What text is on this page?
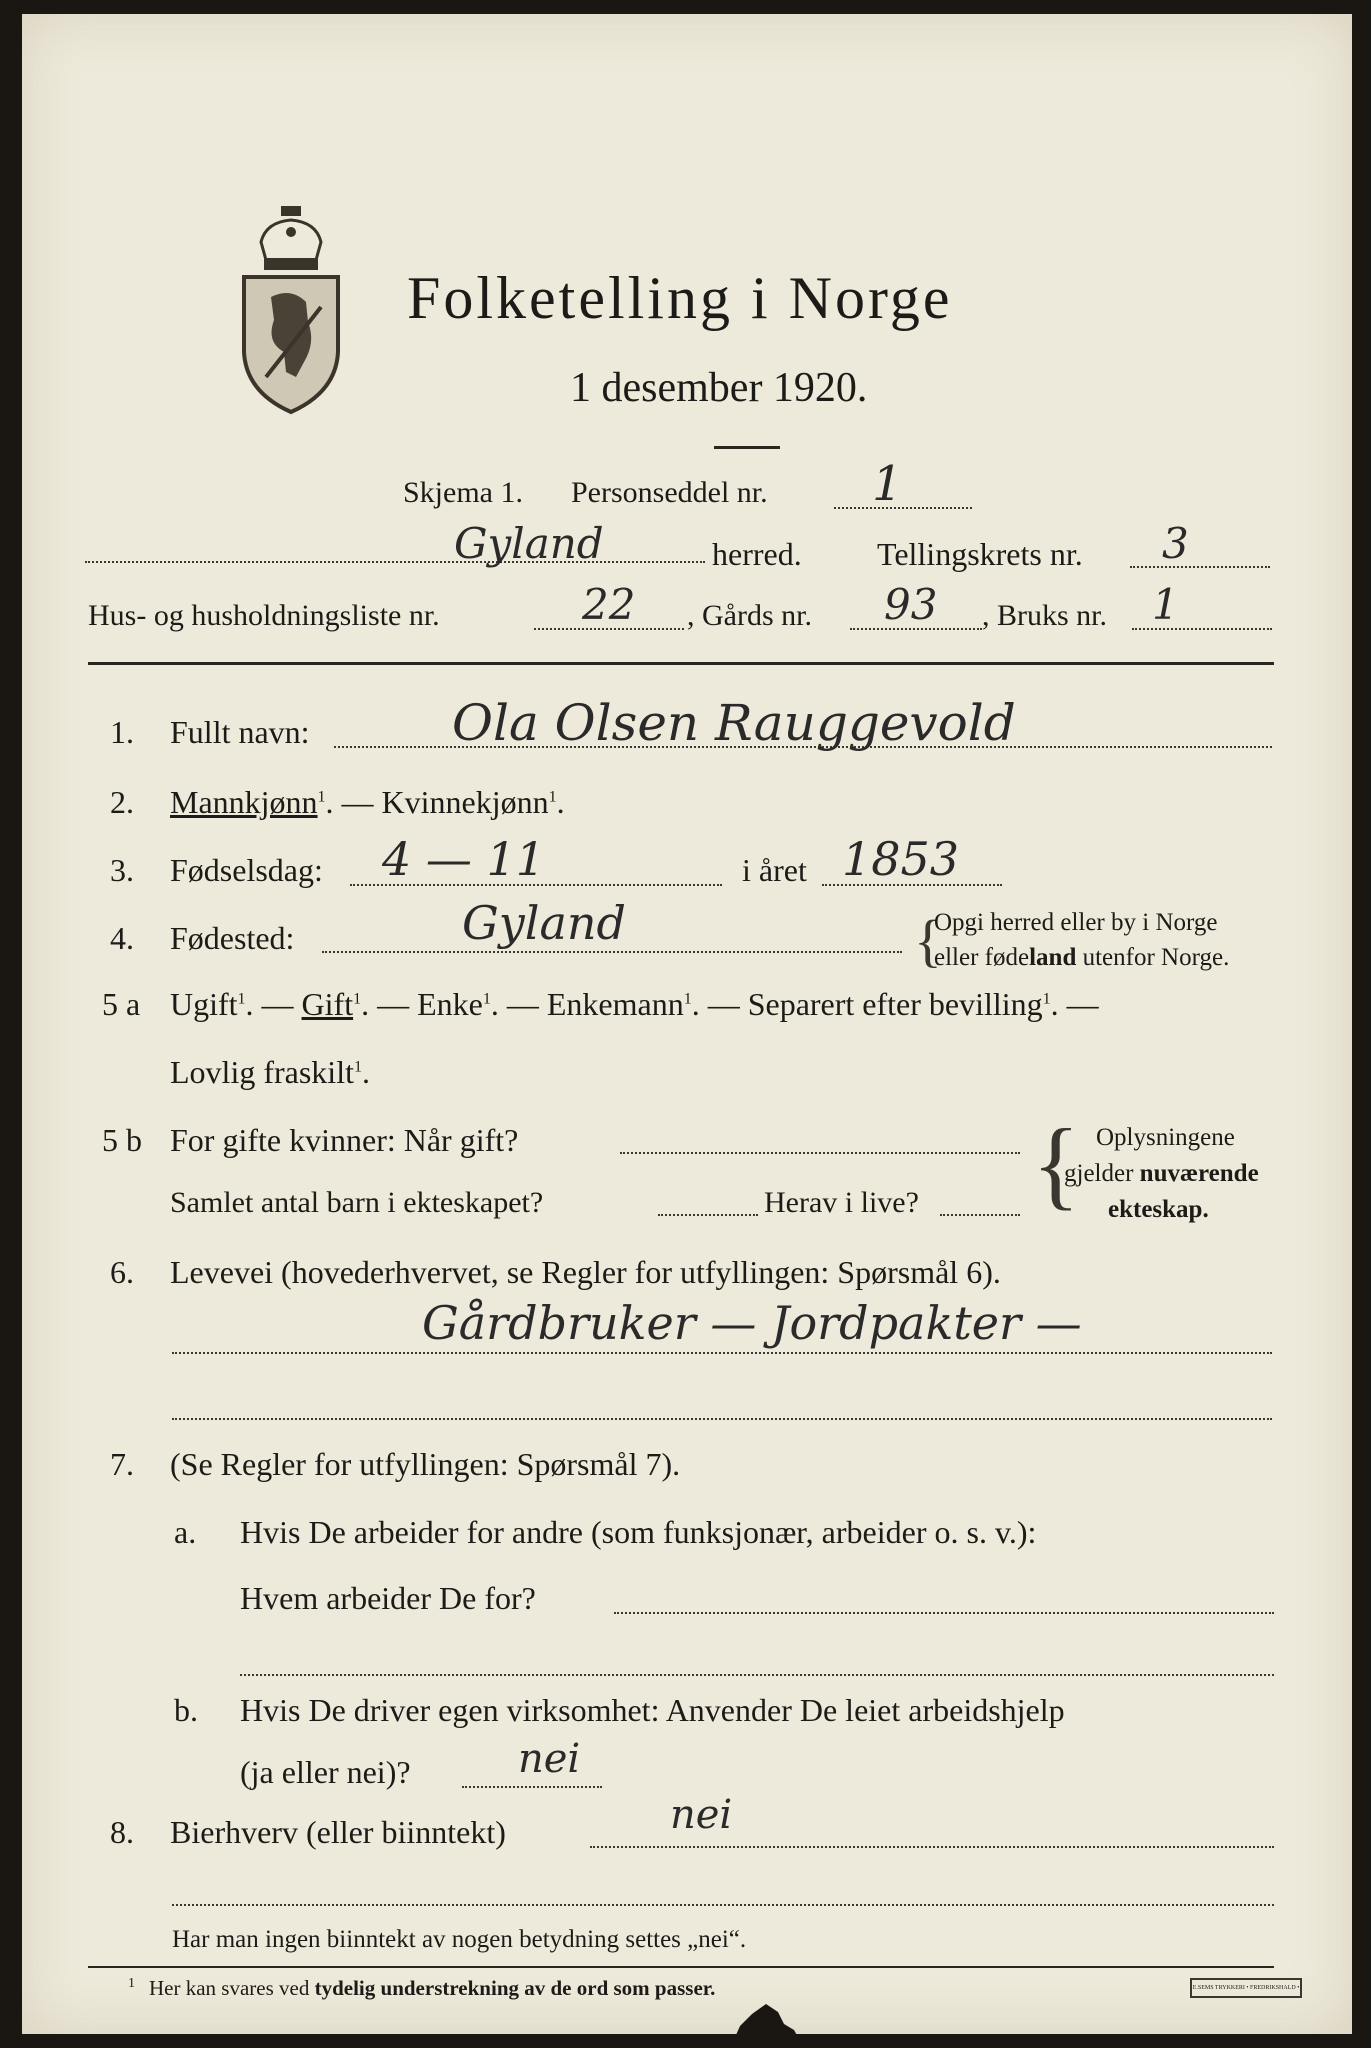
Folketelling i Norge
1 desember 1920.
Skjema 1. Personseddel nr. 1
Gyland	herred. Tellingskrets nr. 3
Hus- og husholdningsliste nr.	22 , Gårds nr. 93 , Bruks nr. 1
1. Fullt navn:	Ola Olsen Rauggevold
2. Mannkjønn$^1$. — Kvinnekjønn$^1$.
3. Fødselsdag: 4 — 11	i året 1853
4. Fødested:	Gyland	{
Opgi herred eller by i Norge
eller fødeland utenfor Norge.
5 a Ugift$^1$. — Gift$^1$. — Enke$^1$. — Enkemann$^1$. — Separert efter bevilling$^1$. —
Lovlig fraskilt$^1$.
5 b For gifte kvinner: Når gift?
Samlet antal barn i ekteskapet?	Herav i live? { Oplysningene
gjelder nuværende
ekteskap.
6. Levevei (hovederhvervet, se Regler for utfyllingen: Spørsmål 6).
Gårdbruker — Jordpakter —
7. (Se Regler for utfyllingen: Spørsmål 7).
a. Hvis De arbeider for andre (som funksjonær, arbeider o. s. v.):
Hvem arbeider De for?
b. Hvis De driver egen virksomhet: Anvender De leiet arbeidshjelp
(ja eller nei)?	nei
8. Bierhverv (eller biinntekt)	nei
Har man ingen biinntekt av nogen betydning settes „nei“.
$^1$ Her kan svares ved tydelig understrekning av de ord som passer.	E.SEMS TRYKKERI • FREDRIKSHALD •
